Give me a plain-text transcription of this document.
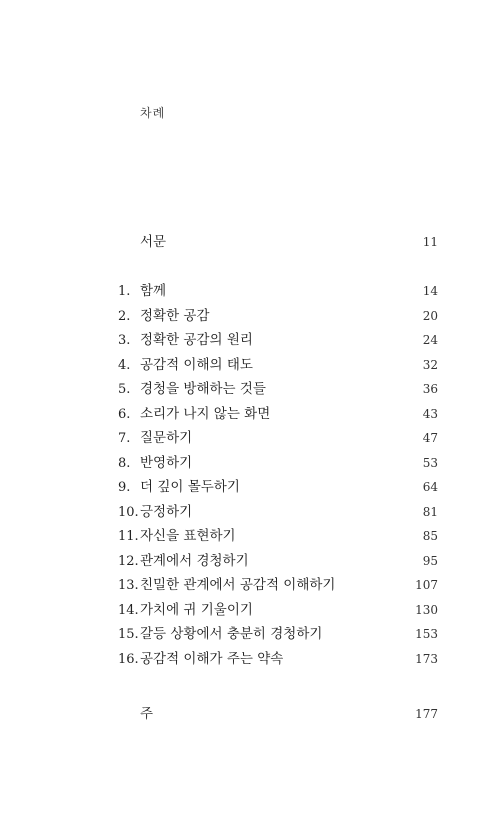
차례
서문	11
1. 함께	14
2. 정확한 공감	20
3. 정확한 공감의 원리	24
4. 공감적 이해의 태도	32
5. 경청을 방해하는 것들	36
6. 소리가 나지 않는 화면	43
7. 질문하기	47
8. 반영하기	53
9. 더 깊이 몰두하기	64
10. 긍정하기	81
11. 자신을 표현하기	85
12. 관계에서 경청하기	95
13. 친밀한 관계에서 공감적 이해하기	107
14. 가치에 귀 기울이기	130
15. 갈등 상황에서 충분히 경청하기	153
16. 공감적 이해가 주는 약속	173
주	177
